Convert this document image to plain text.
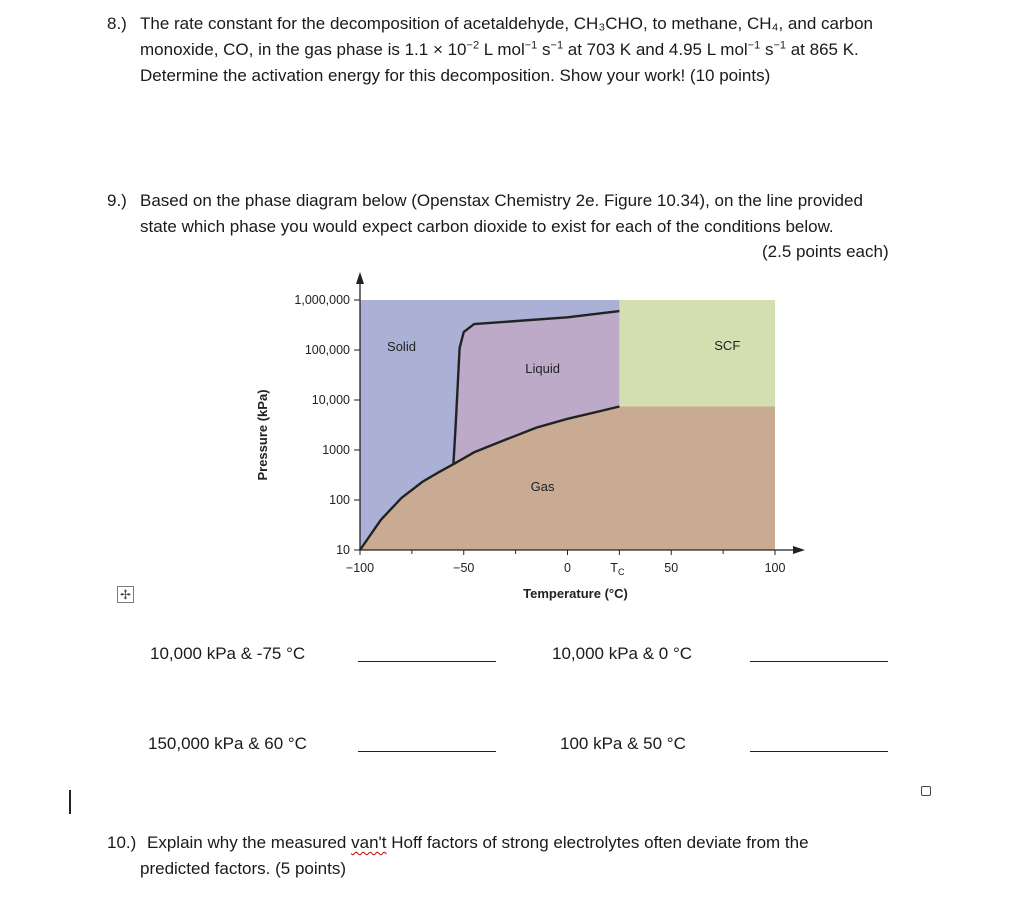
8.) The rate constant for the decomposition of acetaldehyde, CH₃CHO, to methane, CH₄, and carbon
monoxide, CO, in the gas phase is $1.1 \times 10^{-2}$ L mol$^{-1}$ $s^{-1}$ at 703 K and 4.95 L mol$^{-1}$ $s^{-1}$ at 865 K.
Determine the activation energy for this decomposition. Show your work! (10 points)
9.) Based on the phase diagram below (Openstax Chemistry 2e. Figure 10.34), on the line provided
state which phase you would expect carbon dioxide to exist for each of the conditions below.
(2.5 points each)
1,000,000
100,000
10,000
1000
100
10
−100	−50	0	$T_C$	50	100
Temperature (°C)
Pressure (kPa)
Solid
Liquid
Gas
SCF
✢
10,000 kPa & -75 °C	10,000 kPa & 0 °C
150,000 kPa & 60 °C	100 kPa & 50 °C
10.) Explain why the measured van't Hoff factors of strong electrolytes often deviate from the
predicted factors. (5 points)
